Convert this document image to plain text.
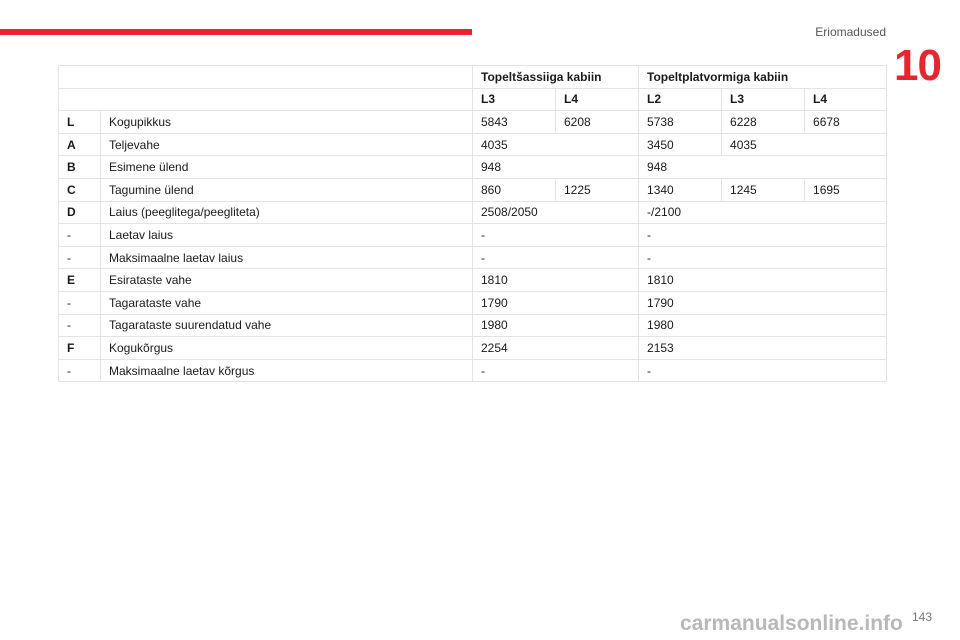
Eriomadused
10
		Topeltšassiiga kabiin		Topeltplatvormiga kabiin		
		L3	L4	L2	L3	L4
L	Kogupikkus	5843	6208	5738	6228	6678
A	Teljevahe	4035		3450	4035	
B	Esimene ülend	948		948		
C	Tagumine ülend	860	1225	1340	1245	1695
D	Laius (peeglitega/peegliteta)	2508/2050		-/2100		
-	Laetav laius	-		-		
-	Maksimaalne laetav laius	-		-		
E	Esirataste vahe	1810		1810		
-	Tagarataste vahe	1790		1790		
-	Tagarataste suurendatud vahe	1980		1980		
F	Kogukõrgus	2254		2153		
-	Maksimaalne laetav kõrgus	-		-		
carmanualsonline.info 143
